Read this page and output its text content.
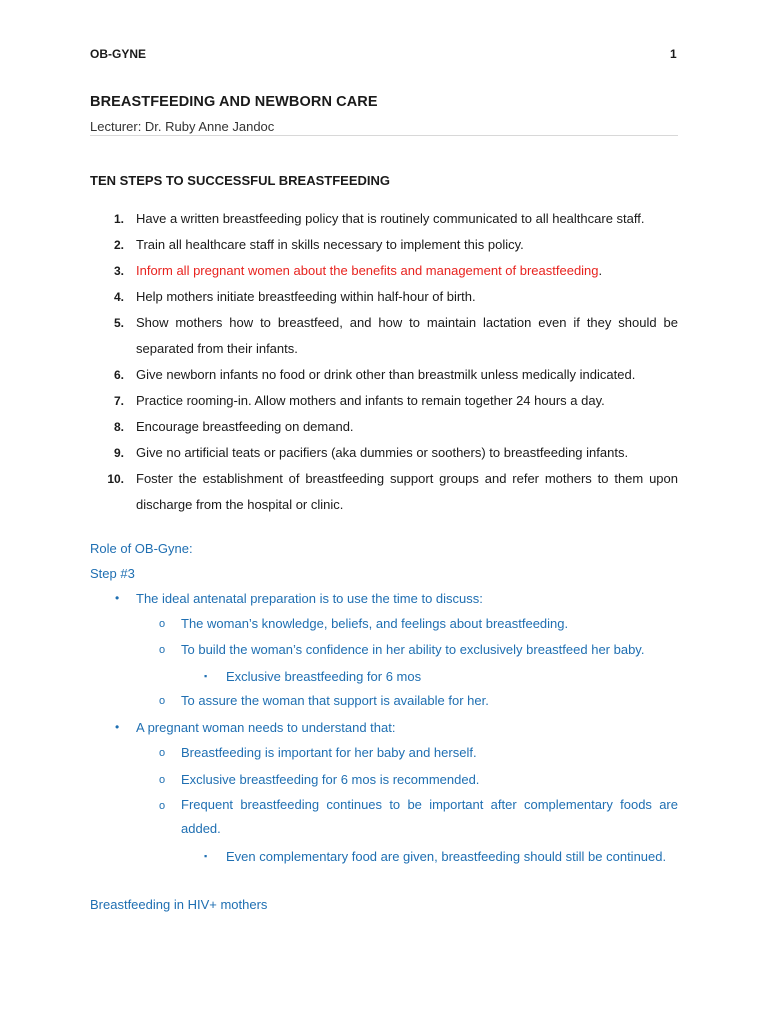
OB-GYNE	1
BREASTFEEDING AND NEWBORN CARE
Lecturer: Dr. Ruby Anne Jandoc
TEN STEPS TO SUCCESSFUL BREASTFEEDING
1. Have a written breastfeeding policy that is routinely communicated to all healthcare staff.
2. Train all healthcare staff in skills necessary to implement this policy.
3. Inform all pregnant women about the benefits and management of breastfeeding.
4. Help mothers initiate breastfeeding within half-hour of birth.
5. Show mothers how to breastfeed, and how to maintain lactation even if they should be separated from their infants.
6. Give newborn infants no food or drink other than breastmilk unless medically indicated.
7. Practice rooming-in. Allow mothers and infants to remain together 24 hours a day.
8. Encourage breastfeeding on demand.
9. Give no artificial teats or pacifiers (aka dummies or soothers) to breastfeeding infants.
10. Foster the establishment of breastfeeding support groups and refer mothers to them upon discharge from the hospital or clinic.
Role of OB-Gyne:
Step #3
• The ideal antenatal preparation is to use the time to discuss:
o The woman’s knowledge, beliefs, and feelings about breastfeeding.
o To build the woman’s confidence in her ability to exclusively breastfeed her baby.
▪ Exclusive breastfeeding for 6 mos
o To assure the woman that support is available for her.
• A pregnant woman needs to understand that:
o Breastfeeding is important for her baby and herself.
o Exclusive breastfeeding for 6 mos is recommended.
o Frequent breastfeeding continues to be important after complementary foods are added.
▪ Even complementary food are given, breastfeeding should still be continued.
Breastfeeding in HIV+ mothers
